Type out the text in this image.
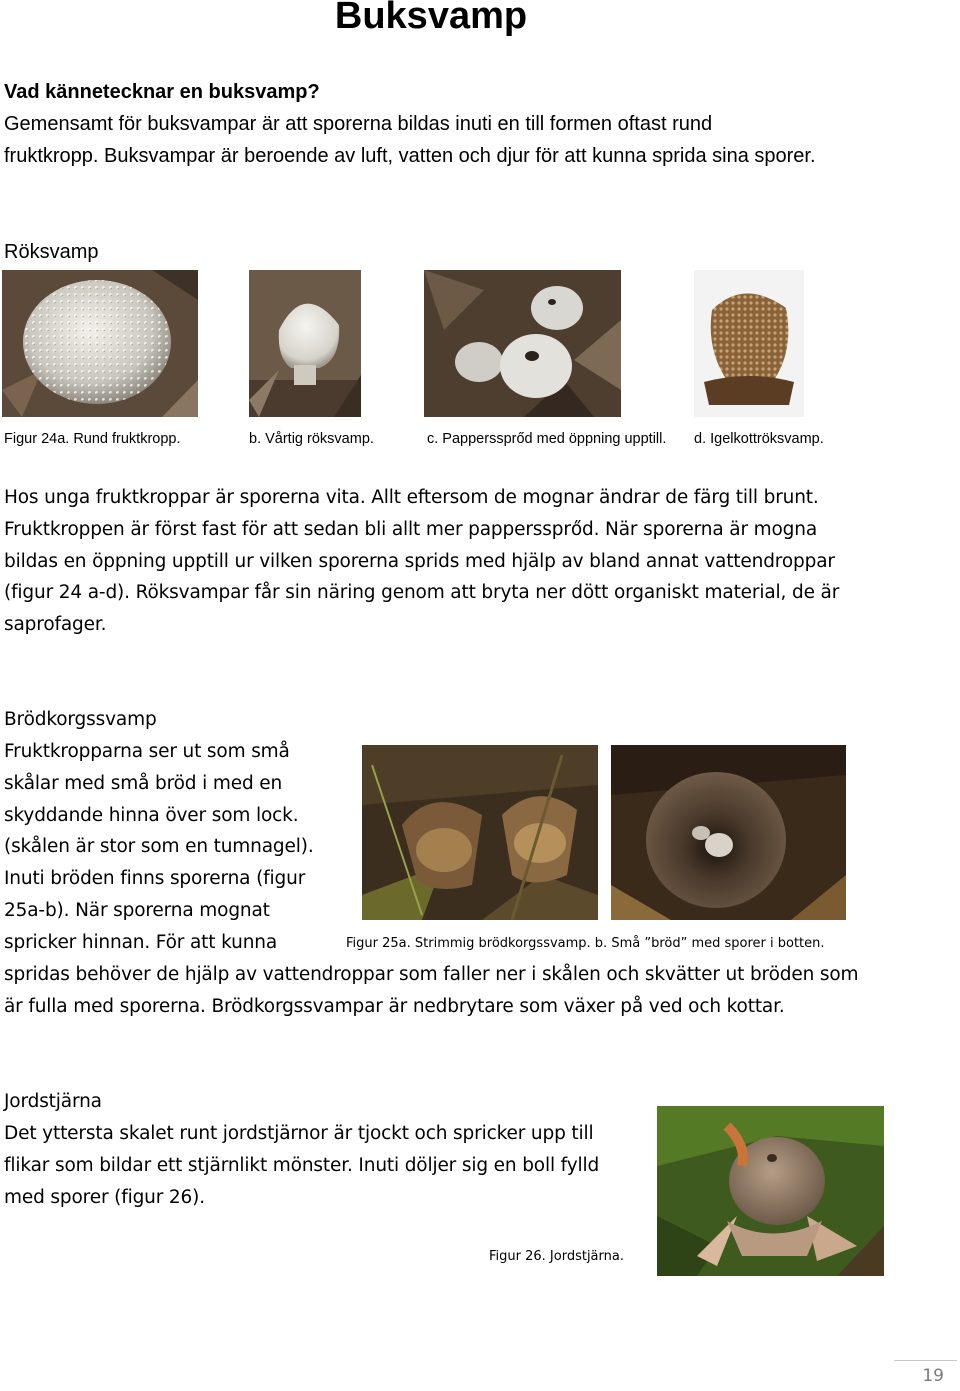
Buksvamp
Vad kännetecknar en buksvamp?
Gemensamt för buksvampar är att sporerna bildas inuti en till formen oftast rund
fruktkropp. Buksvampar är beroende av luft, vatten och djur för att kunna sprida sina sporer.
Röksvamp
Figur 24a. Rund fruktkropp.	b. Vårtig röksvamp.	c. Papperssprőd med öppning upptill. d. Igelkottröksvamp.
Hos unga fruktkroppar är sporerna vita. Allt eftersom de mognar ändrar de färg till brunt.
Fruktkroppen är först fast för att sedan bli allt mer papperssprőd. När sporerna är mogna
bildas en öppning upptill ur vilken sporerna sprids med hjälp av bland annat vattendroppar
(figur 24 a-d). Röksvampar får sin näring genom att bryta ner dött organiskt material, de är
saprofager.
Brödkorgssvamp
Fruktkropparna ser ut som små
skålar med små bröd i med en
skyddande hinna över som lock.
(skålen är stor som en tumnagel).
Inuti bröden finns sporerna (figur
25a-b). När sporerna mognat
spricker hinnan. För att kunna	Figur 25a. Strimmig brödkorgssvamp. b. Små ”bröd” med sporer i botten.
spridas behöver de hjälp av vattendroppar som faller ner i skålen och skvätter ut bröden som
är fulla med sporerna. Brödkorgssvampar är nedbrytare som växer på ved och kottar.
Jordstjärna
Det yttersta skalet runt jordstjärnor är tjockt och spricker upp till
flikar som bildar ett stjärnlikt mönster. Inuti döljer sig en boll fylld
med sporer (figur 26).
Figur 26. Jordstjärna.
19
